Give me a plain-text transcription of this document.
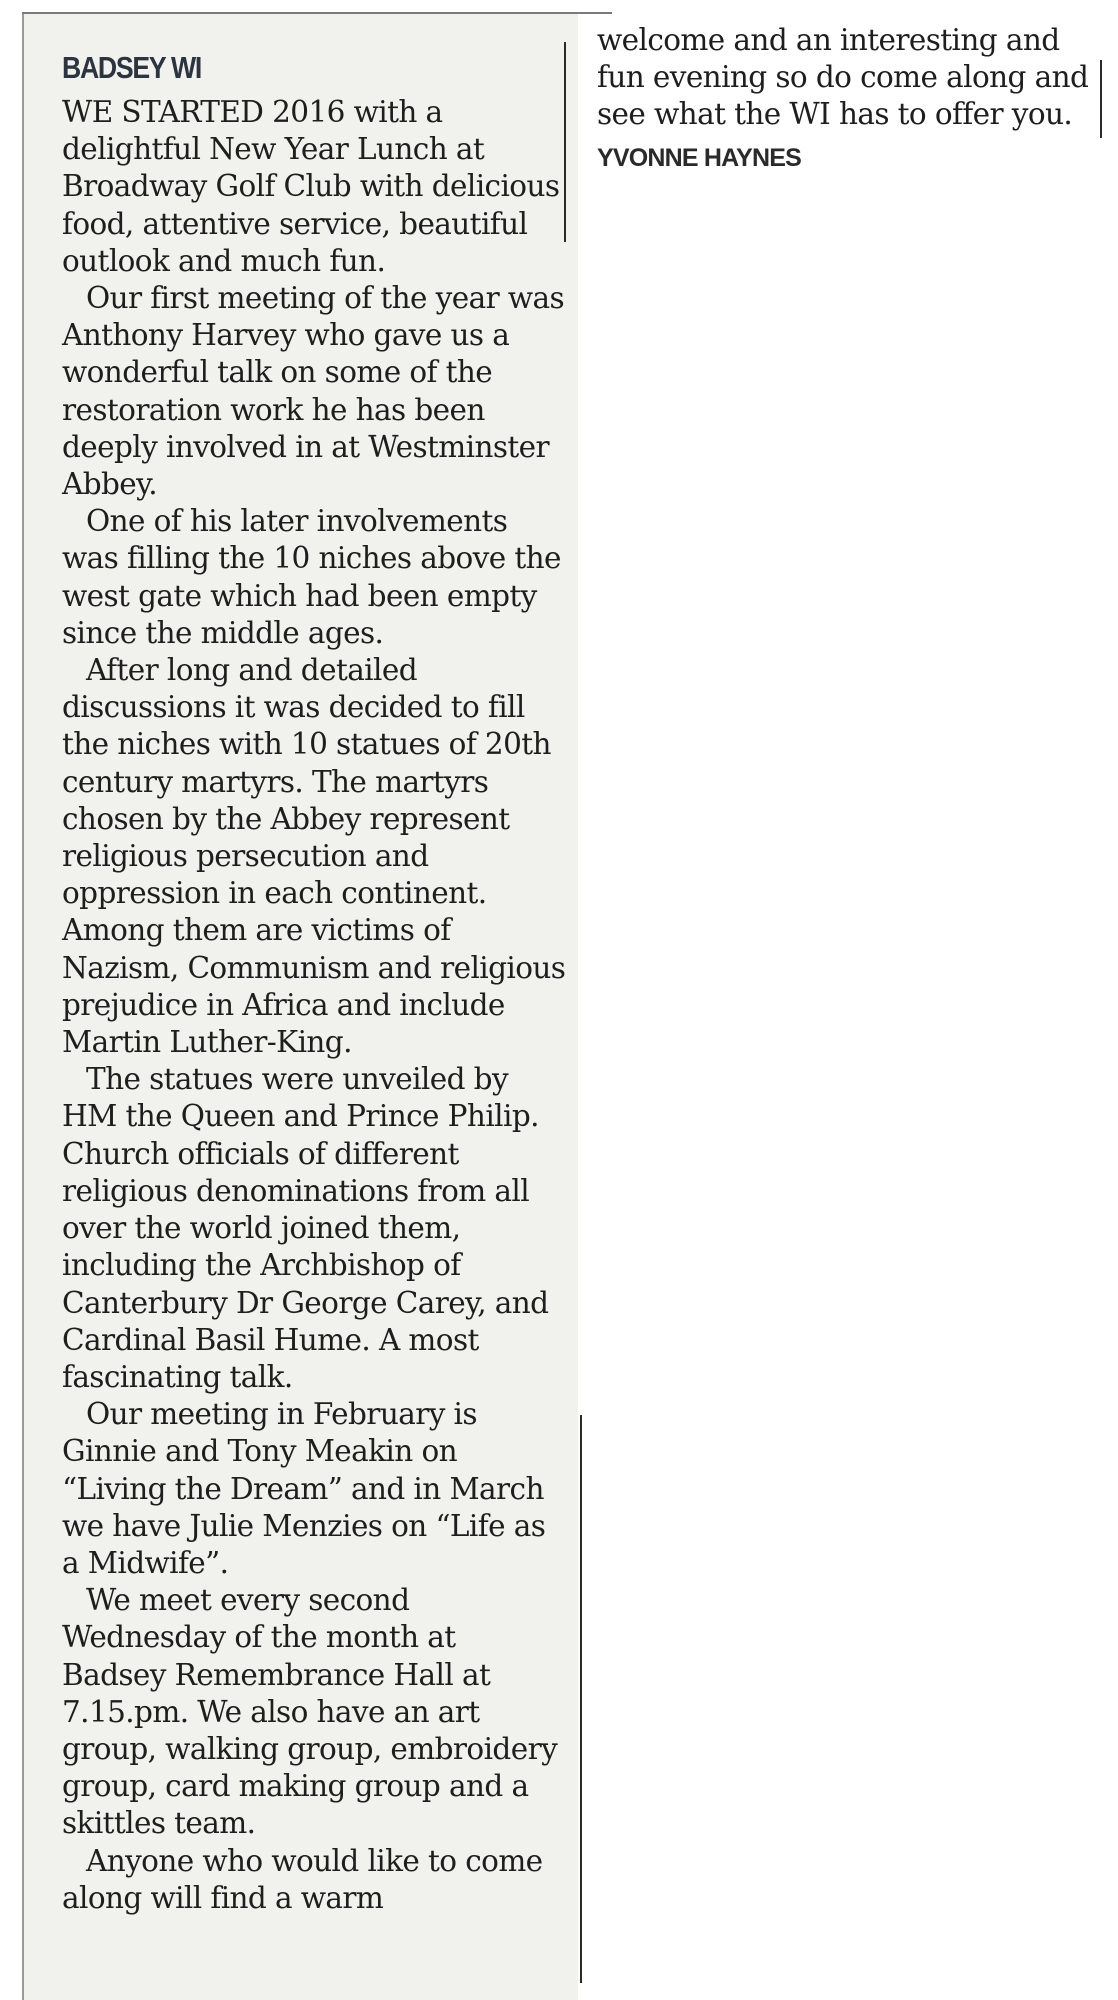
BADSEY WI

WE STARTED 2016 with a delightful New Year Lunch at Broadway Golf Club with delicious food, attentive service, beautiful outlook and much fun.

Our first meeting of the year was Anthony Harvey who gave us a wonderful talk on some of the restoration work he has been deeply involved in at Westminster Abbey.

One of his later involvements was filling the 10 niches above the west gate which had been empty since the middle ages.

After long and detailed discussions it was decided to fill the niches with 10 statues of 20th century martyrs. The martyrs chosen by the Abbey represent religious persecution and oppression in each continent. Among them are victims of Nazism, Communism and religious prejudice in Africa and include Martin Luther-King.

The statues were unveiled by HM the Queen and Prince Philip. Church officials of different religious denominations from all over the world joined them, including the Archbishop of Canterbury Dr George Carey, and Cardinal Basil Hume. A most fascinating talk.

Our meeting in February is Ginnie and Tony Meakin on “Living the Dream” and in March we have Julie Menzies on “Life as a Midwife”.

We meet every second Wednesday of the month at Badsey Remembrance Hall at 7.15.pm. We also have an art group, walking group, embroidery group, card making group and a skittles team.

Anyone who would like to come along will find a warm

welcome and an interesting and fun evening so do come along and see what the WI has to offer you.

YVONNE HAYNES
